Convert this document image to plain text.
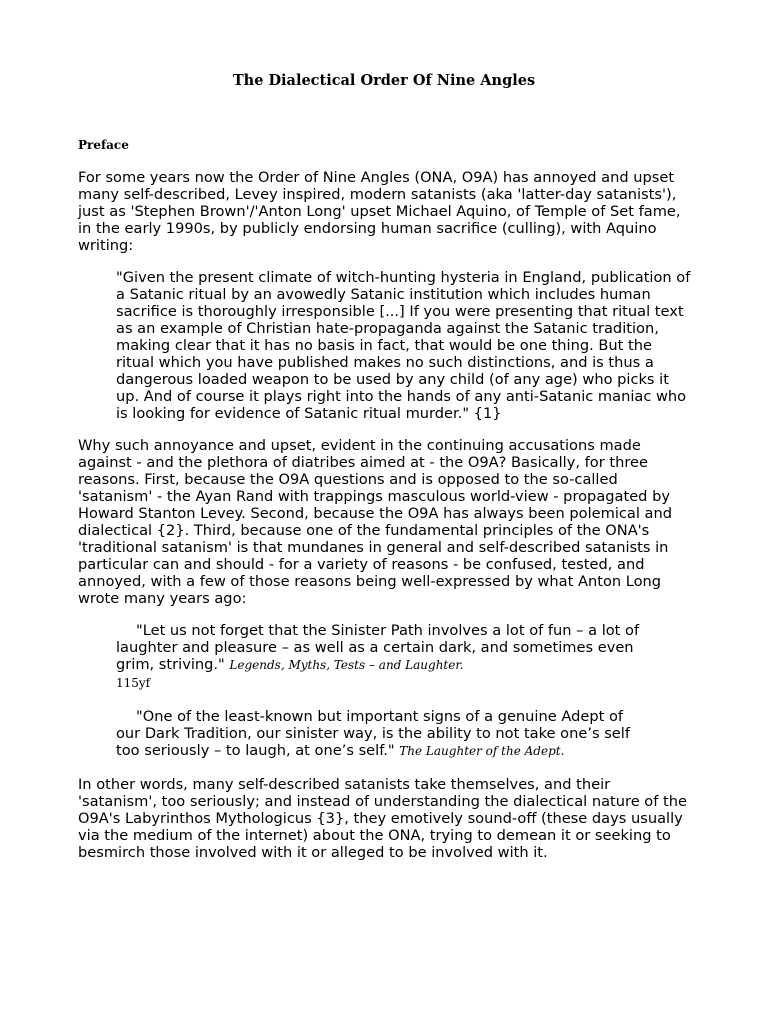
The Dialectical Order Of Nine Angles
Preface

For some years now the Order of Nine Angles (ONA, O9A) has annoyed and upset many self-described, Levey inspired, modern satanists (aka 'latter-day satanists'), just as 'Stephen Brown'/'Anton Long' upset Michael Aquino, of Temple of Set fame, in the early 1990s, by publicly endorsing human sacrifice (culling), with Aquino writing:

"Given the present climate of witch-hunting hysteria in England, publication of a Satanic ritual by an avowedly Satanic institution which includes human sacrifice is thoroughly irresponsible [...] If you were presenting that ritual text as an example of Christian hate-propaganda against the Satanic tradition, making clear that it has no basis in fact, that would be one thing. But the ritual which you have published makes no such distinctions, and is thus a dangerous loaded weapon to be used by any child (of any age) who picks it up. And of course it plays right into the hands of any anti-Satanic maniac who is looking for evidence of Satanic ritual murder." {1}

Why such annoyance and upset, evident in the continuing accusations made against - and the plethora of diatribes aimed at - the O9A? Basically, for three reasons. First, because the O9A questions and is opposed to the so-called 'satanism' - the Ayan Rand with trappings masculous world-view - propagated by Howard Stanton Levey. Second, because the O9A has always been polemical and dialectical {2}. Third, because one of the fundamental principles of the ONA's 'traditional satanism' is that mundanes in general and self-described satanists in particular can and should - for a variety of reasons - be confused, tested, and annoyed, with a few of those reasons being well-expressed by what Anton Long wrote many years ago:

"Let us not forget that the Sinister Path involves a lot of fun – a lot of laughter and pleasure – as well as a certain dark, and sometimes even grim, striving." Legends, Myths, Tests – and Laughter.
115yf

"One of the least-known but important signs of a genuine Adept of our Dark Tradition, our sinister way, is the ability to not take one’s self too seriously – to laugh, at one’s self." The Laughter of the Adept.

In other words, many self-described satanists take themselves, and their 'satanism', too seriously; and instead of understanding the dialectical nature of the O9A's Labyrinthos Mythologicus {3}, they emotively sound-off (these days usually via the medium of the internet) about the ONA, trying to demean it or seeking to besmirch those involved with it or alleged to be involved with it.
